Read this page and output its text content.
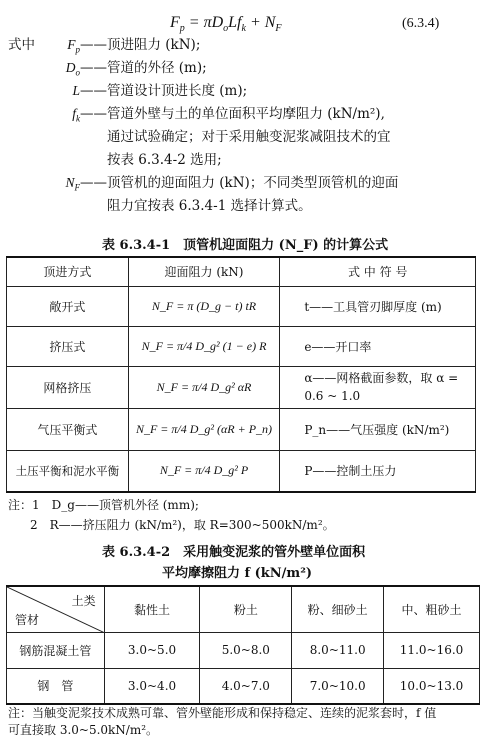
$F_p = \pi D_oLf_k + N_F$	(6.3.4)
式中	$F_p——$顶进阻力 (kN);
$D_o——$管道的外径 (m);
L——管道设计顶进长度 (m);
$f_k——$管道外壁与土的单位面积平均摩阻力 (kN/m²),
通过试验确定；对于采用触变泥浆减阻技术的宜
按表 6.3.4-2 选用;
$N_F——$顶管机的迎面阻力 (kN)；不同类型顶管机的迎面
阻力宜按表 6.3.4-1 选择计算式。
表 6.3.4-1　顶管机迎面阻力 (N_F) 的计算公式
顶进方式	迎面阻力 (kN)	式 中 符 号
敞开式	N_F = π (D_g − t) tR	t——工具管刃脚厚度 (m)
挤压式	N_F = π/4 D_g² (1 − e) R	e——开口率
网格挤压	N_F = π/4 D_g² αR	α——网格截面参数，取 α = 0.6 ~ 1.0
气压平衡式	N_F = π/4 D_g² (αR + P_n)	P_n——气压强度 (kN/m²)
土压平衡和泥水平衡	N_F = π/4 D_g² P	P——控制土压力
注：1　D_g——顶管机外径 (mm);
2　R——挤压阻力 (kN/m²)，取 R=300~500kN/m²。
表 6.3.4-2　采用触变泥浆的管外壁单位面积
平均摩擦阻力 f (kN/m²)
土类
管材	黏性土	粉土	粉、细砂土	中、粗砂土
钢筋混凝土管	3.0~5.0	5.0~8.0	8.0~11.0	11.0~16.0
钢　管	3.0~4.0	4.0~7.0	7.0~10.0	10.0~13.0
注：当触变泥浆技术成熟可靠、管外壁能形成和保持稳定、连续的泥浆套时，f 值
可直接取 3.0~5.0kN/m²。
